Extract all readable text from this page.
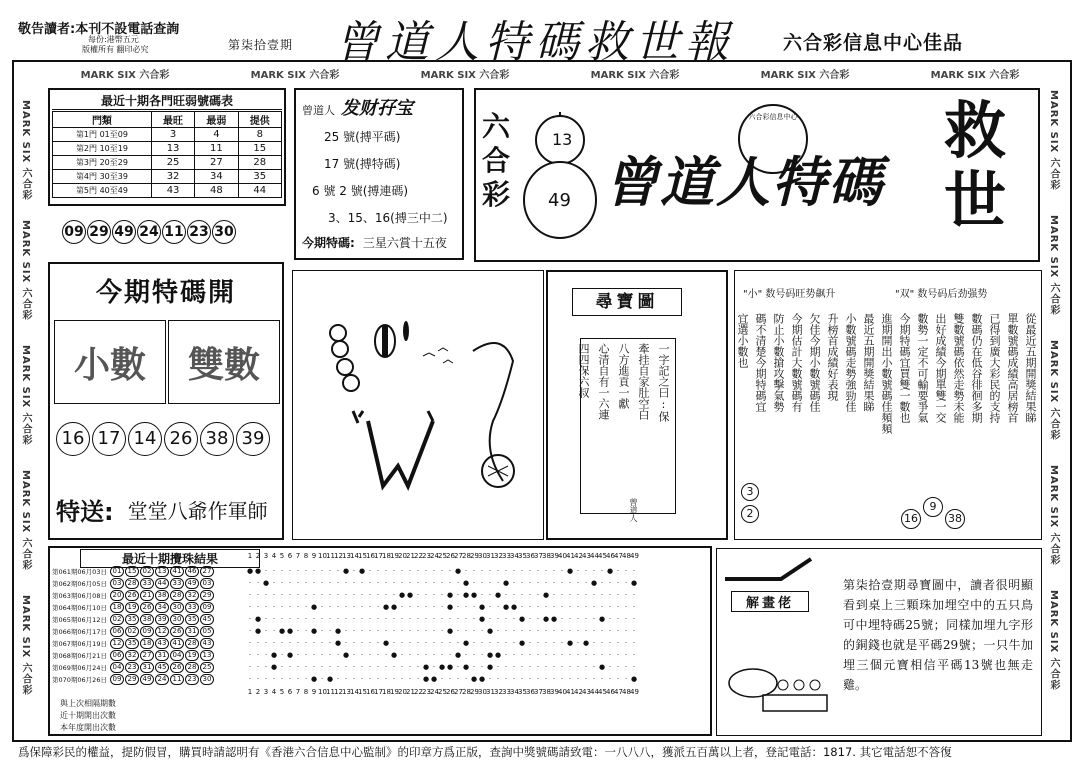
敬告讀者:本刊不設電話查詢
每份:港幣五元
版權所有 翻印必究	第柒拾壹期 曾道人特碼救世報	六合彩信息中心佳品
MARK SIX 六合彩	MARK SIX 六合彩	MARK SIX 六合彩	MARK SIX 六合彩	MARK SIX 六合彩	MARK SIX 六合彩
MARK SIX 六合彩
MARK SIX 六合彩
MARK SIX 六合彩
MARK SIX 六合彩
MARK SIX 六合彩
MARK SIX 六合彩
MARK SIX 六合彩
MARK SIX 六合彩
MARK SIX 六合彩
MARK SIX 六合彩
最近十期各門旺弱號碼表
門類	最旺	最弱	提供
第1門 01至09	3	4	8
第2門 10至19	13	11	15
第3門 20至29	25	27	28
第4門 30至39	32	34	35
第5門 40至49	43	48	44
09 29 49 24 11 23 30
曾道人 发财孖宝
25 號(搏平碼)
17 號(搏特碼)
6 號 2 號(搏連碼)
3、15、16(搏三中二)
今期特碼: 三星六賞十五夜
六
合
彩
13
49 曾道人特碼
六合彩信息中心 救
世
今期特碼開
小數 雙數
16 17 14 26 38 39
特送: 堂堂八爺作軍師
尋寶圖
一字記之曰:保
牽挂自家肚空白
八方進貢一獻
心清自有一六連
四四保六叔
曾道人
"小" 数号码旺势飙升	"双" 数号码后劲强势
從最近五期開獎結果睇
單數號碼成績高居榜首
已得到廣大彩民的支持
數碼仍在低谷徘徊多期
雙數號碼依然走勢未能
出好成績今期單雙一交
數勢一定不可輸要爭氣
今期特碼宜買雙一數也
進期開出小數號碼佳頻頻
最近五期開獎結果睇
小數號碼走勢強勁佳
升榜首成績好表現
欠佳今期小數號碼佳
今期估計大數號碼有
防止小數搶攻擊氣勢
碼不清楚今期特碼宜
宜選小數也
3
2	16
9
38
最近十期攪珠結果	1 2 3 4 5 6 7 8 9 10 11 12 13 14 15 16 17 18 19 20 21 22 23 24 25 26 27 28 29 30 31 32 33 34 35 36 37 38 39 40 41 42 43 44 45 46 47 48 49
第061期06月03日 01 15 02 13 41 46 27	● ● · · · · · · · · · · ● · ● · · · · · · · · · · · ● · · · · · · · · · · · · · ● · · · · ● · · ·
第062期06月05日 03 28 33 44 33 49 03	· · ● · · · · · · · · · · · · · · · · · · · · · · · · ● · · · · ● · · · · · · · · · · ● · · · · ●
第063期06月08日 20 26 21 38 28 32 29	· · · · · · · · · · · · · · · · · · · ● ● · · · · ● · ● ● · · ● · · · · · ● · · · · · · · · · · ·
第064期06月10日 18 19 26 34 30 33 09	· · · · · · · · ● · · · · · · · · ● ● · · · · · · ● · · · ● · · ● ● · · · · · · · · · · · · · · ·
第065期06月12日 02 35 38 39 30 35 45	· ● · · · · · · · · · · · · · · · · · · · · · · · · · · · ● · · · · ● · · ● ● · · · · · ● · · · ·
第066期06月17日 06 02 09 12 26 31 05	· ● · · ● ● · · ● · · ● · · · · · · · · · · · · · ● · · · · ● · · · · · · · · · · · · · · · · · ·
第067期06月19日 12 35 18 43 41 28 43	· · · · · · · · · · · ● · · · · · ● · · · · · · · · · ● · · · · · · ● · · · · · ● · ● · · · · · ·
第068期06月21日 06 32 27 31 04 19 13	· · · ● · ● · · · · · · ● · · · · · ● · · · · · · · ● · · · ● ● · · · · · · · · · · · · · · · · ·
第069期06月24日 04 23 31 45 26 28 25	· · · ● · · · · · · · · · · · · · · · · · · ● · ● ● · ● · · ● · · · · · · · · · · · · · ● · · · ·
第070期06月26日 09 29 49 24 11 23 30	· · · · · · · · ● · ● · · · · · · · · · · · ● ● · · · · ● ● · · · · · · · · · · · · · · · · · · ●
1 2 3 4 5 6 7 8 9 10 11 12 13 14 15 16 17 18 19 20 21 22 23 24 25 26 27 28 29 30 31 32 33 34 35 36 37 38 39 40 41 42 43 44 45 46 47 48 49
與上次相隔期數
近十期開出次數
本年度開出次數
解畫佬
第柒拾壹期尋寶圖中，讀者很明顯看到桌上三顆珠加埋空中的五只鳥可中埋特碼25號；同樣加埋九字形的銅錢也就是平碼29號；一只牛加埋三個元寶相信平碼13號也無走雞。
爲保障彩民的權益，提防假冒，購買時請認明有《香港六合信息中心監制》的印章方爲正版，查詢中獎號碼請致電：一八八八，獲派五百萬以上者，登記電話：1817. 其它電話恕不答復
